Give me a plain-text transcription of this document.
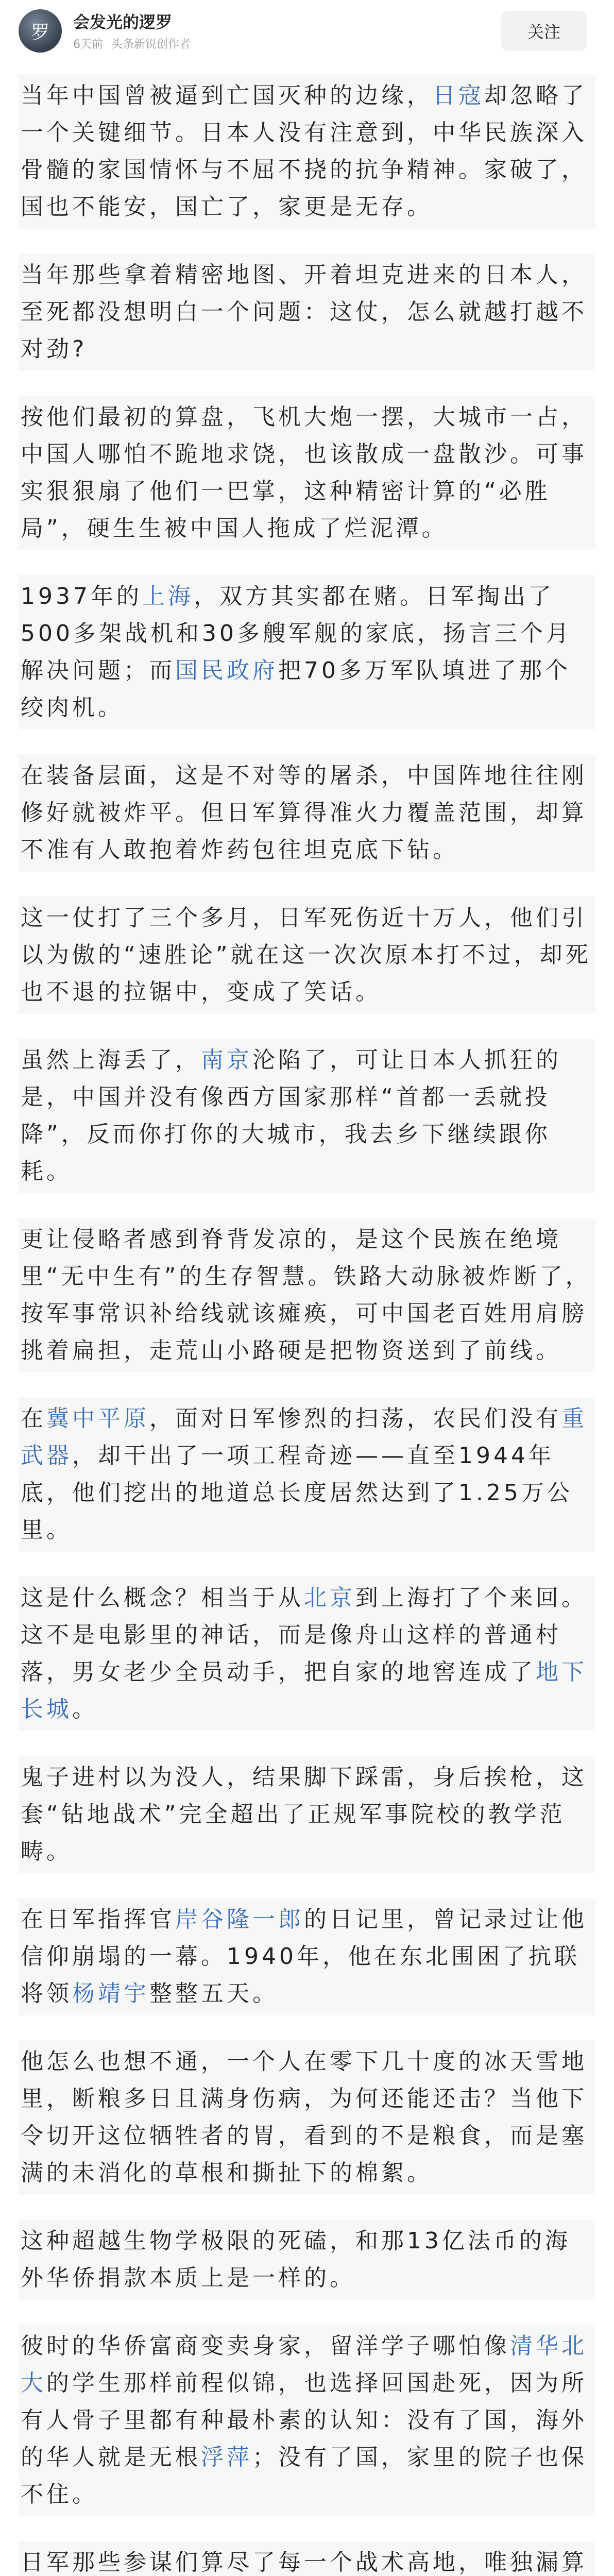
罗	会发光的逻罗
6天前 头条新锐创作者
关注
当年中国曾被逼到亡国灭种的边缘，日寇却忽略了一个关键细节。日本人没有注意到，中华民族深入骨髓的家国情怀与不屈不挠的抗争精神。家破了，国也不能安，国亡了，家更是无存。
当年那些拿着精密地图、开着坦克进来的日本人，至死都没想明白一个问题：这仗，怎么就越打越不对劲?
按他们最初的算盘，飞机大炮一摆，大城市一占，中国人哪怕不跪地求饶，也该散成一盘散沙。可事实狠狠扇了他们一巴掌，这种精密计算的“必胜局”，硬生生被中国人拖成了烂泥潭。
1937年的上海，双方其实都在赌。日军掏出了500多架战机和30多艘军舰的家底，扬言三个月解决问题；而国民政府把70多万军队填进了那个绞肉机。
在装备层面，这是不对等的屠杀，中国阵地往往刚修好就被炸平。但日军算得准火力覆盖范围，却算不准有人敢抱着炸药包往坦克底下钻。
这一仗打了三个多月，日军死伤近十万人，他们引以为傲的“速胜论”就在这一次次原本打不过，却死也不退的拉锯中，变成了笑话。
虽然上海丢了，南京沦陷了，可让日本人抓狂的是，中国并没有像西方国家那样“首都一丢就投降”，反而你打你的大城市，我去乡下继续跟你耗。
更让侵略者感到脊背发凉的，是这个民族在绝境里“无中生有”的生存智慧。铁路大动脉被炸断了，按军事常识补给线就该瘫痪，可中国老百姓用肩膀挑着扁担，走荒山小路硬是把物资送到了前线。
在冀中平原，面对日军惨烈的扫荡，农民们没有重武器，却干出了一项工程奇迹——直至1944年底，他们挖出的地道总长度居然达到了1.25万公里。
这是什么概念？相当于从北京到上海打了个来回。这不是电影里的神话，而是像舟山这样的普通村落，男女老少全员动手，把自家的地窖连成了地下长城。
鬼子进村以为没人，结果脚下踩雷，身后挨枪，这套“钻地战术”完全超出了正规军事院校的教学范畴。
在日军指挥官岸谷隆一郎的日记里，曾记录过让他信仰崩塌的一幕。1940年，他在东北围困了抗联将领杨靖宇整整五天。
他怎么也想不通，一个人在零下几十度的冰天雪地里，断粮多日且满身伤病，为何还能还击？当他下令切开这位牺牲者的胃，看到的不是粮食，而是塞满的未消化的草根和撕扯下的棉絮。
这种超越生物学极限的死磕，和那13亿法币的海外华侨捐款本质上是一样的。
彼时的华侨富商变卖身家，留洋学子哪怕像清华北大的学生那样前程似锦，也选择回国赴死，因为所有人骨子里都有种最朴素的认知：没有了国，海外的华人就是无根浮萍；没有了国，家里的院子也保不住。
日军那些参谋们算尽了每一个战术高地，唯独漏算
